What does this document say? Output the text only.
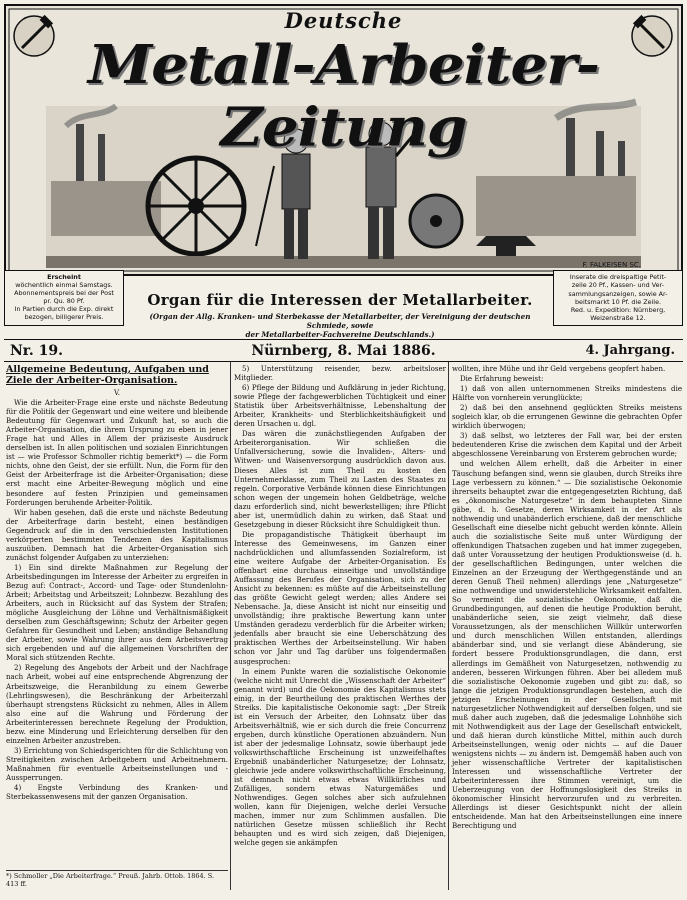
Deutsche
Metall-Arbeiter-Zeitung
F. FALKEISEN SC.
Erscheint
wöchentlich einmal Samstags.
Abonnementspreis bei der Post
pr. Qu. 80 Pf.
In Partien durch die Exp. direkt
bezogen, billigerer Preis.
Inserate die dreispaltige Petit-
zeile 20 Pf., Kassen- und Ver-
sammlungsanzeigen, sowie Ar-
beitsmarkt 10 Pf. die Zeile.
Red. u. Expedition: Nürnberg,
Weizenstraße 12.
Organ für die Interessen der Metallarbeiter.
(Organ der Allg. Kranken- und Sterbekasse der Metallarbeiter, der Vereinigung der deutschen Schmiede, sowie
der Metallarbeiter-Fachvereine Deutschlands.)
Nr. 19.	Nürnberg, 8. Mai 1886.	4. Jahrgang.

Allgemeine Bedeutung, Aufgaben und Ziele der Arbeiter-Organisation.

V.

Wie die Arbeiter-Frage eine erste und nächste Bedeutung für die Politik der Gegenwart und eine weitere und bleibende Bedeutung für Gegenwart und Zukunft hat, so auch die Arbeiter-Organisation, die ihrem Ursprung zu eben in jener Frage hat und Alles in Allem der präziseste Ausdruck derselben ist. In allen politischen und sozialen Einrichtungen ist — wie Professor Schmoller richtig bemerkt*) — die Form nichts, ohne den Geist, der sie erfüllt. Nun, die Form für den Geist der Arbeiterfrage ist die Arbeiter-Organisation; diese erst macht eine Arbeiter-Bewegung möglich und eine besondere auf festen Prinzipien und gemeinsamen Forderungen beruhende Arbeiter-Politik.

Wir haben gesehen, daß die erste und nächste Bedeutung der Arbeiterfrage darin besteht, einen beständigen Gegendruck auf die in den verschiedensten Institutionen verkörperten bestimmten Tendenzen des Kapitalismus auszuüben. Demnach hat die Arbeiter-Organisation sich zunächst folgender Aufgaben zu unterziehen:

1) Ein sind direkte Maßnahmen zur Regelung der Arbeitsbedingungen im Interesse der Arbeiter zu ergreifen in Bezug auf: Contract-, Accord- und Tage- oder Stundenlohn-Arbeit; Arbeitstag und Arbeitszeit; Lohnbezw. Bezahlung des Arbeiters, auch in Rücksicht auf das System der Strafen; mögliche Ausgleichung der Löhne und Verhältnismäßigkeit derselben zum Geschäftsgewinn; Schutz der Arbeiter gegen Gefahren für Gesundheit und Leben; anständige Behandlung der Arbeiter, sowie Wahrung ihrer aus dem Arbeitsvertrag sich ergebenden und auf die allgemeinen Vorschriften der Moral sich stützenden Rechte.

2) Regelung des Angebots der Arbeit und der Nachfrage nach Arbeit, wobei auf eine entsprechende Abgrenzung der Arbeitszweige, die Heranbildung zu einem Gewerbe (Lehrlingswesen), die Beschränkung der Arbeiterzahl überhaupt strengstens Rücksicht zu nehmen, Alles in Allem also eine auf die Wahrung und Förderung der Arbeiterinteressen berechnete Regelung der Produktion, bezw. eine Minderung und Erleichterung derselben für den einzelnen Arbeiter anzustreben.

3) Errichtung von Schiedsgerichten für die Schlichtung von Streitigkeiten zwischen Arbeitgebern und Arbeitnehmern. Maßnahmen für eventuelle Arbeitseinstellungen und -Aussperrungen.

4) Engste Verbindung des Kranken- und Sterbekassenwesens mit der ganzen Organisation.

*) Schmoller „Die Arbeiterfrage.“ Preuß. Jahrb. Ottob. 1864. S. 413 ff.

5) Unterstützung reisender, bezw. arbeitsloser Mitglieder.

6) Pflege der Bildung und Aufklärung in jeder Richtung, sowie Pflege der fachgewerblichen Tüchtigkeit und einer Statistik über Arbeitsverhältnisse, Lebenshaltung der Arbeiter, Krankheits- und Sterblichkeitshäufigkeit und deren Ursachen u. dgl.

Das wären die zunächstliegenden Aufgaben der Arbeiterorganisation. Wir schließen die Unfallversicherung, sowie die Invaliden-, Alters- und Witwen- und Waisenversorgung ausdrücklich davon aus. Dieses Alles ist zum Theil zu kosten den Unternehmerklasse, zum Theil zu Lasten des Staates zu regeln. Corporative Verbände können diese Einrichtungen schon wegen der ungemein hohen Geldbeträge, welche dazu erforderlich sind, nicht bewerkstelligen; ihre Pflicht aber ist, unermüdlich dahin zu wirken, daß Staat und Gesetzgebung in dieser Rücksicht ihre Schuldigkeit thun.

Die propagandistische Thätigkeit überhaupt im Interesse des Gemeinwesens, im Ganzen einer nachdrücklichen und allumfassenden Sozialreform, ist eine weitere Aufgabe der Arbeiter-Organisation. Es offenbart eine durchaus einseitige und unvollständige Auffassung des Berufes der Organisation, sich zu der Ansicht zu bekennen: es müßte auf die Arbeitseinstellung das größte Gewicht gelegt werden; alles Andere sei Nebensache. Ja, diese Ansicht ist nicht nur einseitig und unvollständig; ihre praktische Bewertung kann unter Umständen geradezu verderblich für die Arbeiter wirken; jedenfalls aber braucht sie eine Ueberschätzung des praktischen Werthes der Arbeitseinstellung. Wir haben schon vor Jahr und Tag darüber uns folgendermaßen ausgesprochen:

In einem Punkte waren die sozialistische Oekonomie (welche nicht mit Unrecht die „Wissenschaft der Arbeiter“ genannt wird) und die Oekonomie des Kapitalismus stets einig, in der Beurtheilung des praktischen Werthes der Streiks. Die kapitalistische Oekonomie sagt: „Der Streik ist ein Versuch der Arbeiter, den Lohnsatz über das Arbeitsverhältniß, wie er sich durch die freie Concurrenz ergeben, durch künstliche Operationen abzuändern. Nun ist aber der jedesmalige Lohnsatz, sowie überhaupt jede volkswirthschaftliche Erscheinung ist unzweifelhaftes Ergebniß unabänderlicher Naturgesetze; der Lohnsatz, gleichwie jede andere volkswirthschaftliche Erscheinung, ist demnach nicht etwas etwas Willkürliches und Zufälliges, sondern etwas Naturgemäßes und Nothwendiges. Gegen solches aber sich aufzulehnen wollen, kann für Diejenigen, welche derlei Versuche machen, immer nur zum Schlimmen ausfallen. Die natürlichen Gesetze müssen schließlich ihr Recht behaupten und es wird sich zeigen, daß Diejenigen, welche gegen sie ankämpfen

wollten, ihre Mühe und ihr Geld vergebens geopfert haben.

Die Erfahrung beweist:

1) daß von allen unternommenen Streiks mindestens die Hälfte von vornherein verunglückte;

2) daß bei den ansehnend geglückten Streiks meistens sogleich klar, ob die errungenen Gewinne die gebrachten Opfer wirklich überwogen;

3) daß selbst, wo letzteres der Fall war, bei der ersten bedeutenderen Krise die zwischen dem Kapital und der Arbeit abgeschlossene Vereinbarung von Ersterem gebrochen wurde;

und welchen Allem erhellt, daß die Arbeiter in einer Täuschung befangen sind, wenn sie glauben, durch Streiks ihre Lage verbessern zu können.“ — Die sozialistische Oekonomie ihrerseits behauptet zwar die entgegengesetzten Richtung, daß es „ökonomische Naturgesetze“ in dem behaupteten Sinne gäbe, d. h. Gesetze, deren Wirksamkeit in der Art als nothwendig und unabänderlich erschiene, daß der menschliche Gesellschaft eine dieselbe nicht gebucht werden könnte. Allein auch die sozialistische Seite muß unter Würdigung der offenkundigen Thatsachen zugeben und hat immer zugegeben, daß unter Voraussetzung der heutigen Produktionsweise (d. h. der gesellschaftlichen Bedingungen, unter welchen die Einzelnen an der Erzeugung der Werthgegenstände und an deren Genuß Theil nehmen) allerdings jene „Naturgesetze“ eine nothwendige und unwiderstehliche Wirksamkeit entfalten. So vermeint die sozialistische Oekonomie, daß die Grundbedingungen, auf denen die heutige Produktion beruht, unabänderliche seien, sie zeigt vielmehr, daß diese Voraussetzungen, als der menschlichen Willkür unterworfen und durch menschlichen Willen entstanden, allerdings abänderbar sind, und sie verlangt diese Abänderung, sie fordert bessere Produktionsgrundlagen, die dann, erst allerdings im Gemäßheit von Naturgesetzen, nothwendig zu anderen, besseren Wirkungen führen. Aber bei alledem muß die sozialistische Oekonomie zugeben und gibt zu: daß, so lange die jetzigen Produktionsgrundlagen bestehen, auch die jetzigen Erscheinungen in der Gesellschaft mit naturgesetzlicher Nothwendigkeit auf derselben folgen, und sie muß daher auch zugeben, daß die jedesmalige Lohnhöhe sich mit Nothwendigkeit aus der Lage der Gesellschaft entwickelt, und daß hieran durch künstliche Mittel, mithin auch durch Arbeitseinstellungen, wenig oder nichts — auf die Dauer wenigstens nichts — zu ändern ist. Demgemäß haben auch von jeher wissenschaftliche Vertreter der kapitalistischen Interessen und wissenschaftliche Vertreter der Arbeiterinteressen ihre Stimmen vereinigt, um die Ueberzeugung von der Hoffnungslosigkeit des Streiks in ökonomischer Hinsicht hervorzurufen und zu verbreiten. Allerdings ist dieser Gesichtspunkt nicht der allein entscheidende. Man hat den Arbeitseinstellungen eine innere Berechtigung und
